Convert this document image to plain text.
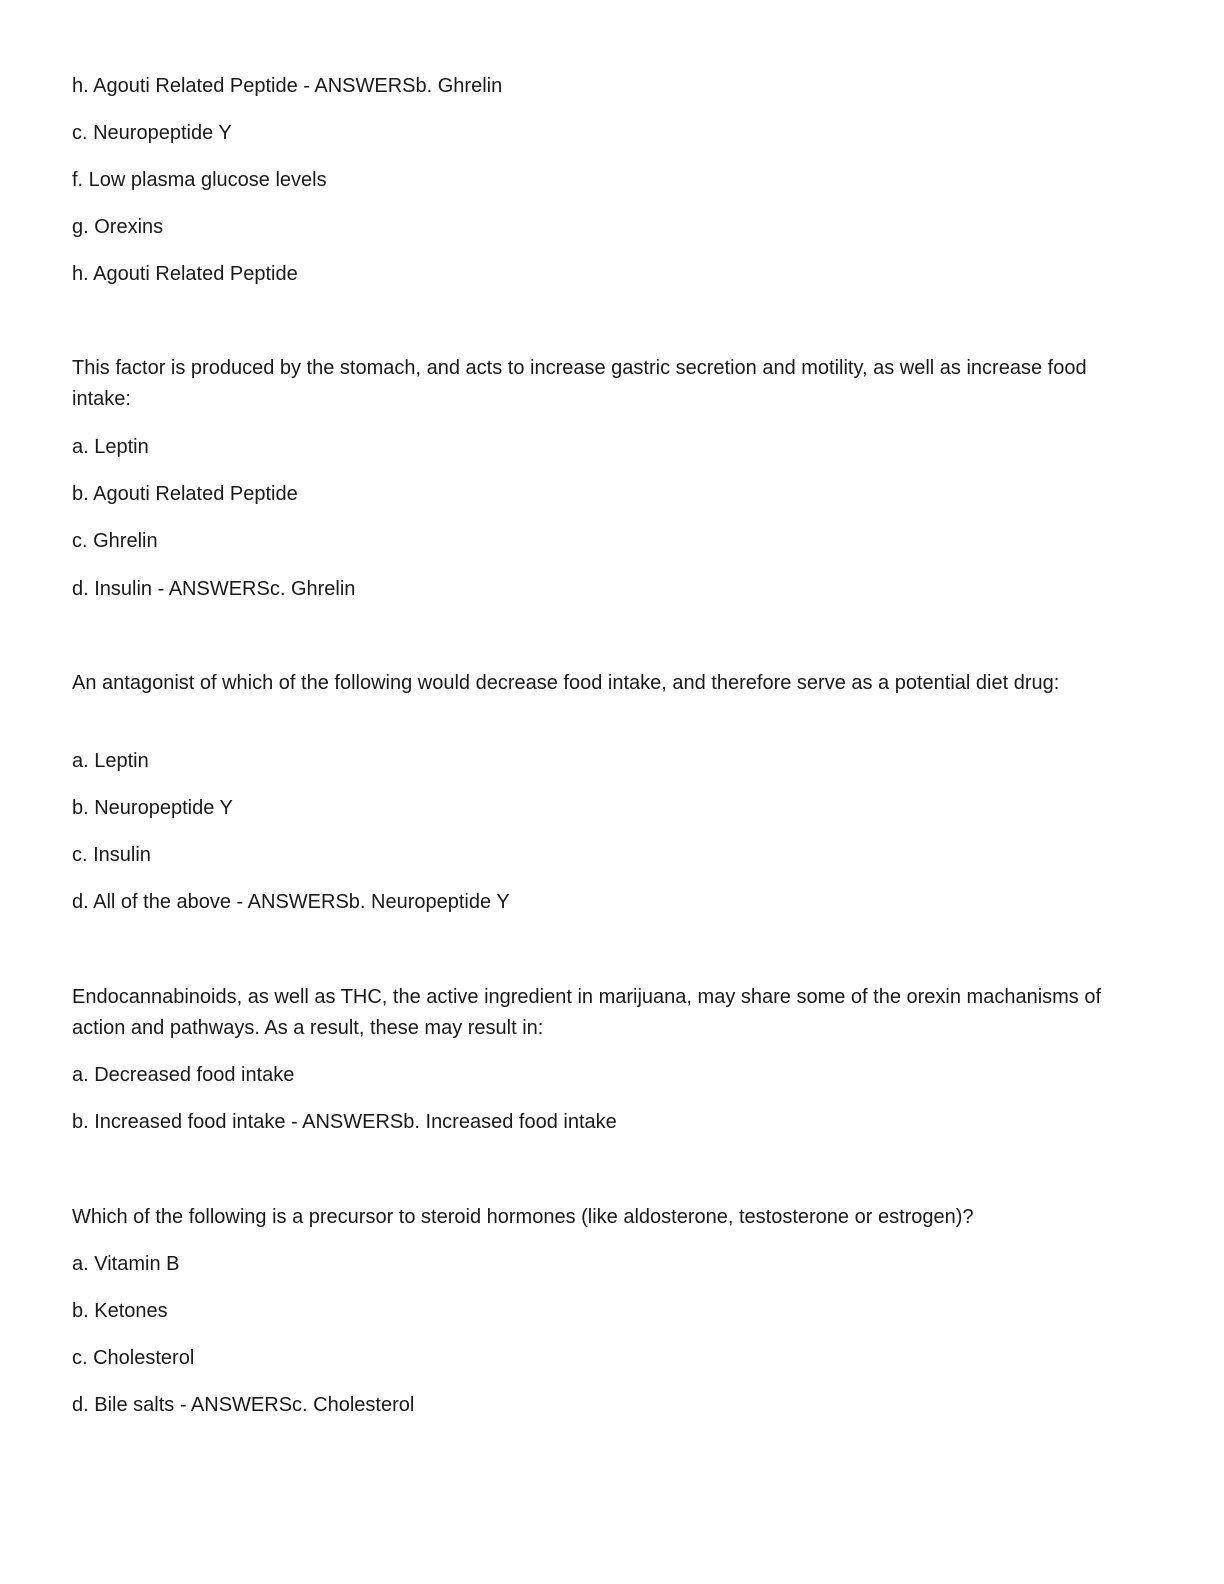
h. Agouti Related Peptide - ANSWERSb. Ghrelin
c. Neuropeptide Y
f. Low plasma glucose levels
g. Orexins
h. Agouti Related Peptide
This factor is produced by the stomach, and acts to increase gastric secretion and motility, as well as increase food intake:
a. Leptin
b. Agouti Related Peptide
c. Ghrelin
d. Insulin - ANSWERSc. Ghrelin
An antagonist of which of the following would decrease food intake, and therefore serve as a potential diet drug:
a. Leptin
b. Neuropeptide Y
c. Insulin
d. All of the above - ANSWERSb. Neuropeptide Y
Endocannabinoids, as well as THC, the active ingredient in marijuana, may share some of the orexin machanisms of action and pathways. As a result, these may result in:
a. Decreased food intake
b. Increased food intake - ANSWERSb. Increased food intake
Which of the following is a precursor to steroid hormones (like aldosterone, testosterone or estrogen)?
a. Vitamin B
b. Ketones
c. Cholesterol
d. Bile salts - ANSWERSc. Cholesterol
